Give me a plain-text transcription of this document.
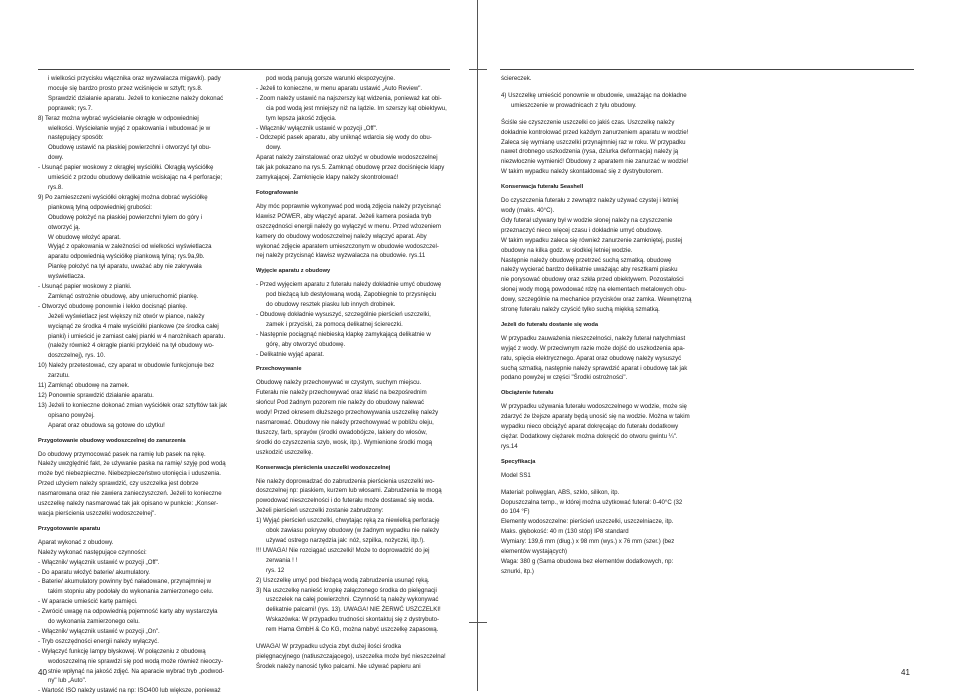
i wielkości przycisku włącznika oraz wyzwalacza migawki). pady

mocuje się bardzo prosto przez wciśnięcie w sztyft; rys.8.

Sprawdzić działanie aparatu. Jeżeli to konieczne należy dokonać

poprawek; rys.7.

8) Teraz można wybrać wyściełanie okrągłe w odpowiedniej

wielkości. Wyściełanie wyjąć z opakowania i wbudować je w

następujący sposób:

Obudowę ustawić na płaskiej powierzchni i otworzyć tył obu-

dowy.

- Usunąć papier woskowy z okrągłej wyściółki. Okrągłą wyściółkę

umieścić z przodu obudowy delikatnie wciskając na 4 perforacje;

rys.8.

9) Po zamieszczeni wyściółki okrągłej można dobrać wyściółkę

piankową tylną odpowiedniej grubości:

Obudowę położyć na płaskiej powierzchni tylem do góry i

otworzyć ją.

W obudowę włożyć aparat.

Wyjąć z opakowania w zależności od wielkości wyświetlacza

aparatu odpowiednią wyściółkę piankową tylną; rys.9a,9b.

Piankę położyć na tył aparatu, uważać aby nie zakrywała

wyświetlacza.

- Usunąć papier woskowy z pianki.

Zamknąć ostrożnie obudowę, aby unieruchomić piankę.

- Otworzyć obudowę ponownie i lekko docisnąć piankę.

Jeżeli wyświetlacz jest większy niż otwór w piance, należy

wyciąnąć ze środka 4 małe wyściółki piankowe (ze środka całej

pianki) i umieścić je zamiast całej pianki w 4 narożnikach aparatu.

(należy również 4 okrągłe pianki przykleić na tył obudowy wo-

doszczelnej), rys. 10.

10) Należy przetestować, czy aparat w obudowie funkcjonuje bez

zarzutu.

11) Zamknąć obudowę na zamek.

12) Ponownie sprawdzić działanie aparatu.

13) Jeżeli to konieczne dokonać zmian wyściółek oraz sztyftów tak jak

opisano powyżej.

Aparat oraz obudowa są gotowe do użytku!

Przygotowanie obudowy wodoszczelnej do zanurzenia

Do obudowy przymocować pasek na ramię lub pasek na rękę.

Należy uwzględnić fakt, że używanie paska na ramię/ szyję pod wodą

może być niebezpieczne. Niebezpieczeństwo utonięcia i uduszenia.

Przed użyciem należy sprawdzić, czy uszczelka jest dobrze

nasmarowana oraz nie zawiera zanieczyszczeń. Jeżeli to konieczne

uszczelkę należy nasmarować tak jak opisano w punkcie: „Konser-

wacja pierścienia uszczelki wodoszczelnej".

Przygotowanie aparatu

Aparat wykonać z obudowy.

Należy wykonać następujące czynności:

- Włącznik/ wyłącznik ustawić w pozycji „Off".

- Do aparatu włożyć baterie/ akumulatory.

- Baterie/ akumulatory powinny być naładowane, przynajmniej w

takim stopniu aby podołały do wykonania zamierzonego celu.

- W aparacie umieścić kartę pamięci.

- Zwrócić uwagę na odpowiednią pojemność karty aby wystarczyła

do wykonania zamierzonego celu.

- Włącznik/ wyłącznik ustawić w pozycji „On".

- Tryb oszczędności energii należy wyłączyć.

- Wyłączyć funkcję lampy błyskowej. W połączeniu z obudową

wodoszczelną nie sprawdzi się pod wodą może również nieoczy-

stnie wpłynąć na jakość zdjęć. Na aparacie wybrać tryb „podwod-

ny" lub „Auto".

- Wartość ISO należy ustawić na np: ISO400 lub większe, ponieważ

pod wodą panują gorsze warunki ekspozycyjne.

- Jeżeli to konieczne, w menu aparatu ustawić „Auto Review".

- Zoom należy ustawić na najszerszy kąt widzenia, ponieważ kat obi-

cia pod wodą jest mniejszy niż na lądzie. Im szerszy kąt obiektywu,

tym lepsza jakość zdjęcia.

- Włącznik/ wyłącznik ustawić w pozycji „Off".

- Odczepić pasek aparatu, aby uniknąć wdarcia się wody do obu-

dowy.

Aparat należy zainstalować oraz ułożyć w obudowie wodoszczelnej

tak jak pokazano na rys.5. Zamknąć obudowę przez dociśnięcie klapy

zamykającej. Zamknięcie klapy należy skontrolować!

Fotografowanie

Aby móc poprawnie wykonywać pod wodą zdjęcia należy przycisnąć

klawisz POWER, aby włączyć aparat. Jeżeli kamera posiada tryb

oszczędności energii należy go wyłączyć w menu. Przed wżozeniem

kamery do obudowy wodoszczelnej należy włączyć aparat. Aby

wykonać zdjęcie aparatem umieszczonym w obudowie wodoszczel-

nej należy przycisnąć klawisz wyzwalacza na obudowie. rys.11

Wyjęcie aparatu z obudowy

- Przed wyjęciem aparatu z futerału należy dokładnie umyć obudowę

pod bieżącą lub destylowaną wodą. Zapobiegnie to przysnięciu

do obudowy resztek piasku lub innych drobinek.

- Obudowę dokładnie wysuszyć, szczególnie pierścień uszczelki,

zamek i przyciski, za pomocą delikatnej ściereczki.

- Następnie pociągnąć niebieską klapkę zamykającą delikatnie w

górę, aby otworzyć obudowę.

- Delikatnie wyjąć aparat.

Przechowywanie

Obudowę należy przechowywać w czystym, suchym miejscu.

Futerału nie należy przechowywać oraz kłaść na bezpośrednim

słońcu! Pod żadnym pozorem nie należy do obudowy nalewać

wody! Przed okresem dłuższego przechowywania uszczelkę należy

nasmarować. Obudowy nie należy przechowywać w pobliżu oleju,

tłuszczy, farb, sprayów (środki owadobójcze, lakiery do włosów,

środki do czyszczenia szyb, wosk, itp.). Wymienione środki mogą

uszkodzić uszczelkę.

Konserwacja pierścienia uszczelki wodoszczelnej

Nie należy doprowadzać do zabrudzenia pierścienia uszczelki wo-

doszczelnej np: piaskiem, kurzem lub włosami. Zabrudzenia te mogą

powodować nieszczelności i do futerału może dostawać się woda.

Jeżeli pierścień uszczelki zostanie zabrudzony:

1) Wyjąć pierścień uszczelki, chwytając ręką za niewielką perforację

obok zawiasu pokrywy obudowy (w żadnym wypadku nie należy

używać ostrego narzędzia jak: nóż, szpilka, nożyczki, itp.!).

!!! UWAGA! Nie rozciągać uszczelki! Może to doprowadzić do jej

zerwania ! !

rys. 12

2) Uszczelkę umyć pod bieżącą wodą zabrudzenia usunąć ręką.

3) Na uszczelkę nanieść kropkę załączonego środka do pielęgnacji

uszczelek na całej powierzchni. Czynność tą należy wykonywać

delikatnie palcami! (rys. 13). UWAGA! NIE ŻERWĆ USZCZELKI!

Wskazówka: W przypadku trudności skontaktuj się z dystrybuto-

rem Hama GmbH & Co KG, można nabyć uszczelkę zapasową.

UWAGA! W przypadku użycia zbyt dużej ilości środka

pielęgnacyjnego (natłuszczającego), uszczelka może być nieszczelna!

Środek należy nanosić tylko palcami. Nie używać papieru ani

40

ściereczek.

4) Uszczelkę umieścić ponownie w obudowie, uważając na dokładne

umieszczenie w prowadnicach z tyłu obudowy.

Ściśle sie czyszczenie uszczelki co jakiś czas. Uszczelkę należy

dokładnie kontrolować przed każdym zanurzeniem aparatu w wodzie!

Zaleca się wymianę uszczelki przynajmniej raz w roku. W przypadku

nawet drobnego uszkodzenia (rysa, dziurka deformacja) należy ją

niezwłocznie wymienić! Obudowy z aparatem nie zanurzać w wodzie!

W takim wypadku należy skontaktować się z dystrybutorem.

Konserwacja futerału Seashell

Do czyszczenia futerału z zewnątrz należy używać czystej i letniej

wody (maks. 40°C).

Gdy futerał używany był w wodzie słonej należy na czyszczenie

przeznaczyć nieco więcej czasu i dokładnie umyć obudowę.

W takim wypadku zaleca się również zanurzenie zamkniętej, pustej

obudowy na kilka godz. w słodkiej letniej wodzie.

Następnie należy obudowę przetrzeć suchą szmatką. obudowę

należy wycierać bardzo delikatnie uważając aby resztkami piasku

nie porysować obudowy oraz szkła przed obiektywem. Pozostałości

słonej wody mogą powodować rdzę na elementach metalowych obu-

dowy, szczególnie na mechanice przycisków oraz zamka. Wewnętrzną

stronę futerału należy czyścić tylko suchą miękką szmatką.

Jeżeli do futerału dostanie się woda

W przypadku zauważenia nieszczelności, należy futerał natychmiast

wyjąć z wody. W przeciwnym razie może dojść do uszkodzenia apa-

ratu, spięcia elektrycznego. Aparat oraz obudowę należy wysuszyć

suchą szmatką, następnie należy sprawdzić aparat i obudowę tak jak

podano powyżej w części "Środki ostrożności".

Obciążenie futerału

W przypadku używania futerału wodoszczelnego w wodzie, może się

zdarzyć że lżejsze aparaty będą unosić się na wodzie. Można w takim

wypadku nieco obciążyć aparat dokręcając do futerału dodatkowy

ciężar. Dodatkowy ciężarek można dokręcić do otworu gwintu ¼".

rys.14

Specyfikacja

Model SS1

Materiał: poliwęglan, ABS, szkło, silikon, itp.

Dopuszczalna temp., w której można użytkować futerał: 0-40°C (32

do 104 °F)

Elementy wodoszczelne: pierścień uszczelki, uszczelniacze, itp.

Maks. głębokość: 40 m (130 stóp) IP8 standard

Wymiary: 139,6 mm (dług.) x 98 mm (wys.) x 76 mm (szer.) (bez

elementów wystających)

Waga: 380 g (Sama obudowa bez elementów dodatkowych, np:

sznurki, itp.)

41
